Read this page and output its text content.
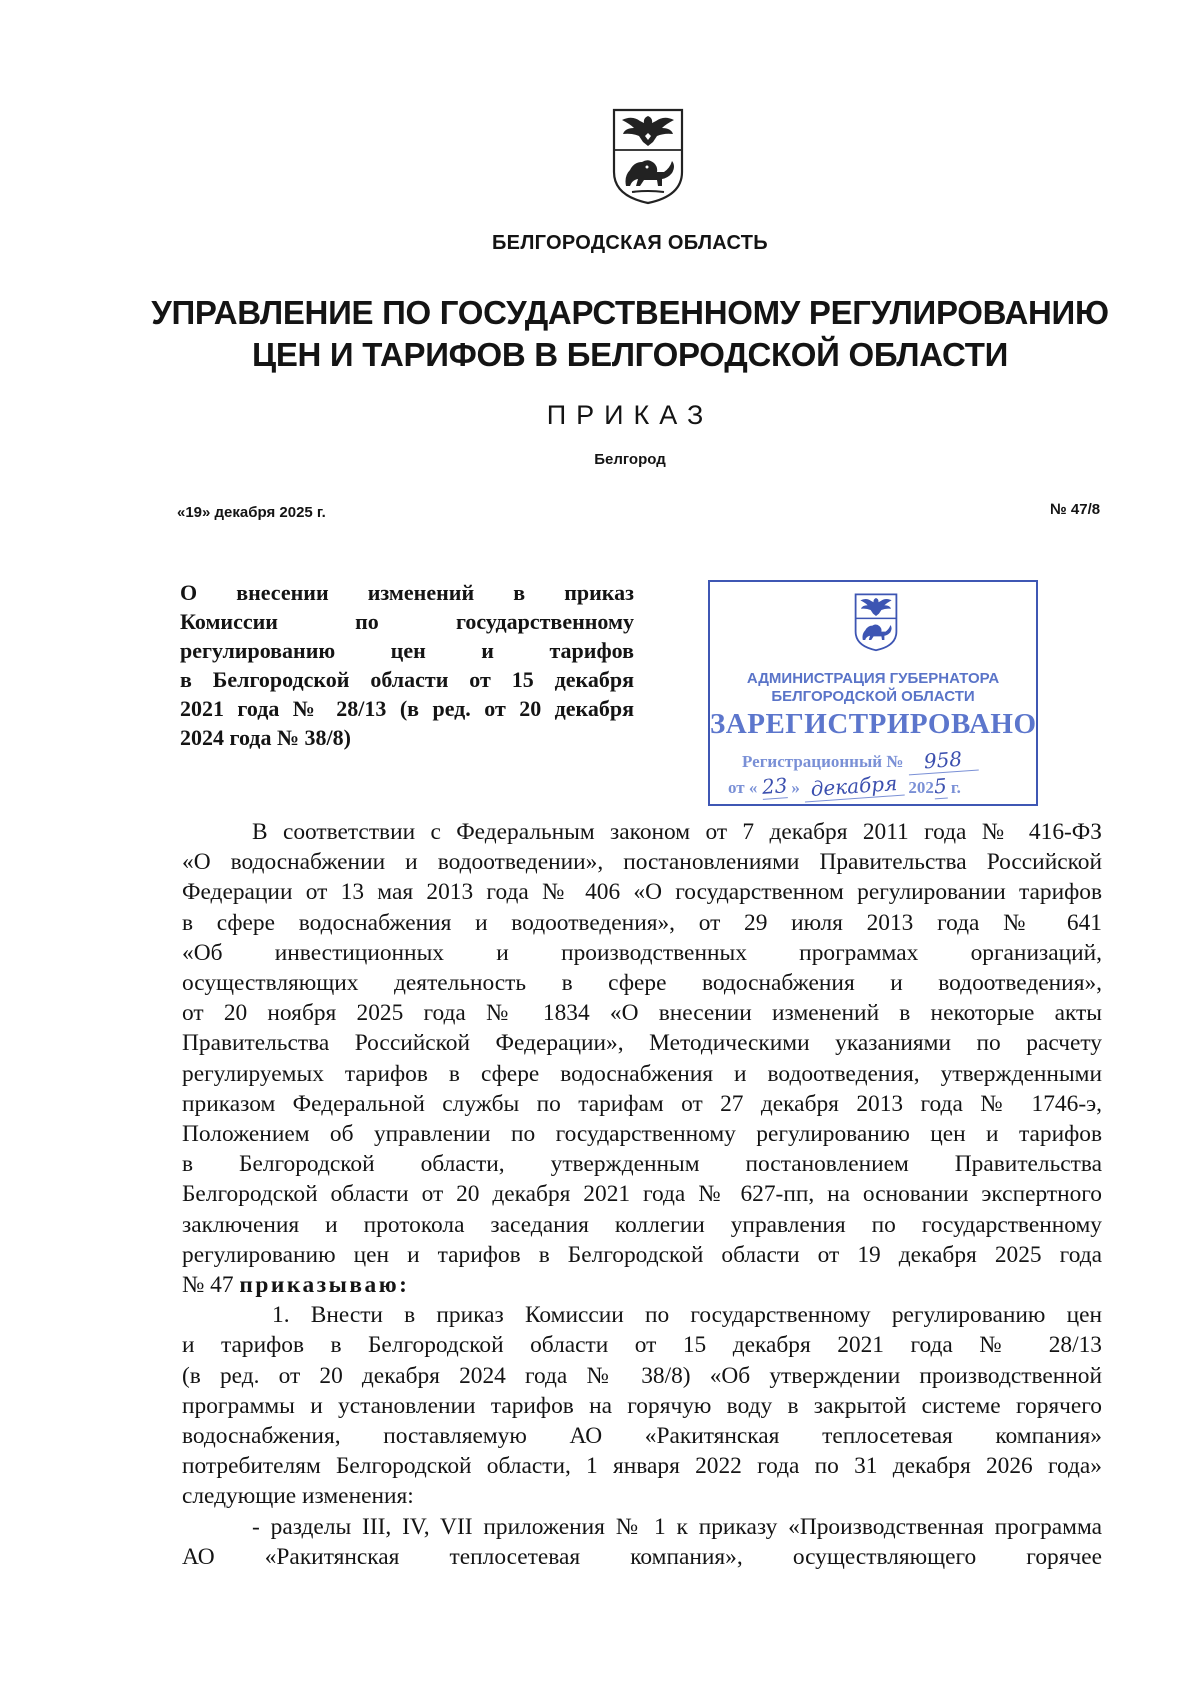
БЕЛГОРОДСКАЯ ОБЛАСТЬ
УПРАВЛЕНИЕ ПО ГОСУДАРСТВЕННОМУ РЕГУЛИРОВАНИЮ
ЦЕН И ТАРИФОВ В БЕЛГОРОДСКОЙ ОБЛАСТИ
ПРИКАЗ
Белгород
«19» декабря 2025 г.	№ 47/8
О внесении изменений в приказ
Комиссии по государственному
регулированию цен и тарифов
в Белгородской области от 15 декабря
2021 года № 28/13 (в ред. от 20 декабря
2024 года № 38/8)
АДМИНИСТРАЦИЯ ГУБЕРНАТОРА
БЕЛГОРОДСКОЙ ОБЛАСТИ
ЗАРЕГИСТРИРОВАНО
Регистрационный № 958
от « 23 » декабря 2025 г.
В соответствии с Федеральным законом от 7 декабря 2011 года № 416-ФЗ
«О водоснабжении и водоотведении», постановлениями Правительства Российской
Федерации от 13 мая 2013 года № 406 «О государственном регулировании тарифов
в сфере водоснабжения и водоотведения», от 29 июля 2013 года № 641
«Об инвестиционных и производственных программах организаций,
осуществляющих деятельность в сфере водоснабжения и водоотведения»,
от 20 ноября 2025 года № 1834 «О внесении изменений в некоторые акты
Правительства Российской Федерации», Методическими указаниями по расчету
регулируемых тарифов в сфере водоснабжения и водоотведения, утвержденными
приказом Федеральной службы по тарифам от 27 декабря 2013 года № 1746-э,
Положением об управлении по государственному регулированию цен и тарифов
в Белгородской области, утвержденным постановлением Правительства
Белгородской области от 20 декабря 2021 года № 627-пп, на основании экспертного
заключения и протокола заседания коллегии управления по государственному
регулированию цен и тарифов в Белгородской области от 19 декабря 2025 года
№ 47 приказываю:
1. Внести в приказ Комиссии по государственному регулированию цен
и тарифов в Белгородской области от 15 декабря 2021 года № 28/13
(в ред. от 20 декабря 2024 года № 38/8) «Об утверждении производственной
программы и установлении тарифов на горячую воду в закрытой системе горячего
водоснабжения, поставляемую АО «Ракитянская теплосетевая компания»
потребителям Белгородской области, 1 января 2022 года по 31 декабря 2026 года»
следующие изменения:
- разделы III, IV, VII приложения № 1 к приказу «Производственная программа
АО «Ракитянская теплосетевая компания», осуществляющего горячее
